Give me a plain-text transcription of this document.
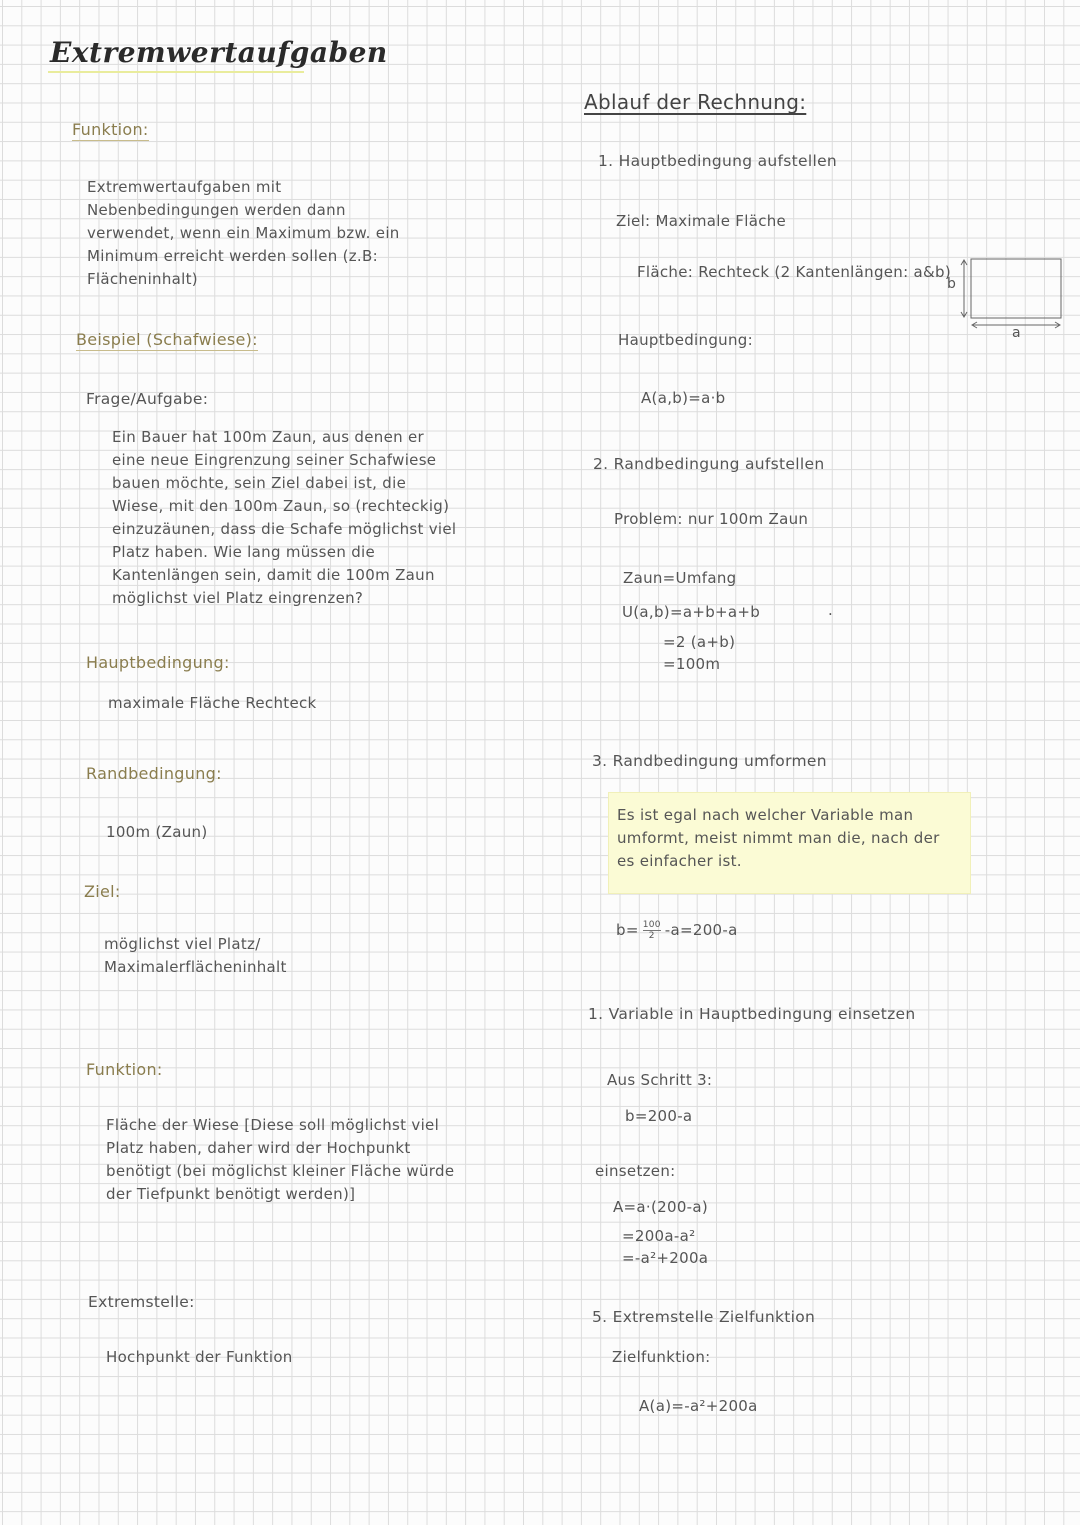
Extremwertaufgaben
Funktion:
Extremwertaufgaben mit Nebenbedingungen werden dann verwendet, wenn ein Maximum bzw. ein Minimum erreicht werden sollen (z.B: Flächeninhalt)
Beispiel (Schafwiese):
Frage/Aufgabe:
Ein Bauer hat 100m Zaun, aus denen er eine neue Eingrenzung seiner Schafwiese bauen möchte, sein Ziel dabei ist, die Wiese, mit den 100m Zaun, so (rechteckig) einzuzäunen, dass die Schafe möglichst viel Platz haben. Wie lang müssen die Kantenlängen sein, damit die 100m Zaun möglichst viel Platz eingrenzen?
Hauptbedingung:
maximale Fläche Rechteck
Randbedingung:
100m (Zaun)
Ziel:
möglichst viel Platz/
Maximalerflächeninhalt
Funktion:
Fläche der Wiese [Diese soll möglichst viel Platz haben, daher wird der Hochpunkt benötigt (bei möglichst kleiner Fläche würde der Tiefpunkt benötigt werden)]
Extremstelle:
Hochpunkt der Funktion
Ablauf der Rechnung:
1. Hauptbedingung aufstellen
Ziel: Maximale Fläche
Fläche: Rechteck (2 Kantenlängen: a&b)
b
a
Hauptbedingung:
A(a,b)=a·b
2. Randbedingung aufstellen
Problem: nur 100m Zaun
Zaun=Umfang
U(a,b)=a+b+a+b
=2 (a+b)
=100m
.
3. Randbedingung umformen
Es ist egal nach welcher Variable man umformt, meist nimmt man die, nach der es einfacher ist.
$b= \frac{100}{2} -a=200-a$
1. Variable in Hauptbedingung einsetzen
Aus Schritt 3:
b=200-a
einsetzen:
A=a·(200-a)
=200a-a²
=-a²+200a
5. Extremstelle Zielfunktion
Zielfunktion:
A(a)=-a²+200a
